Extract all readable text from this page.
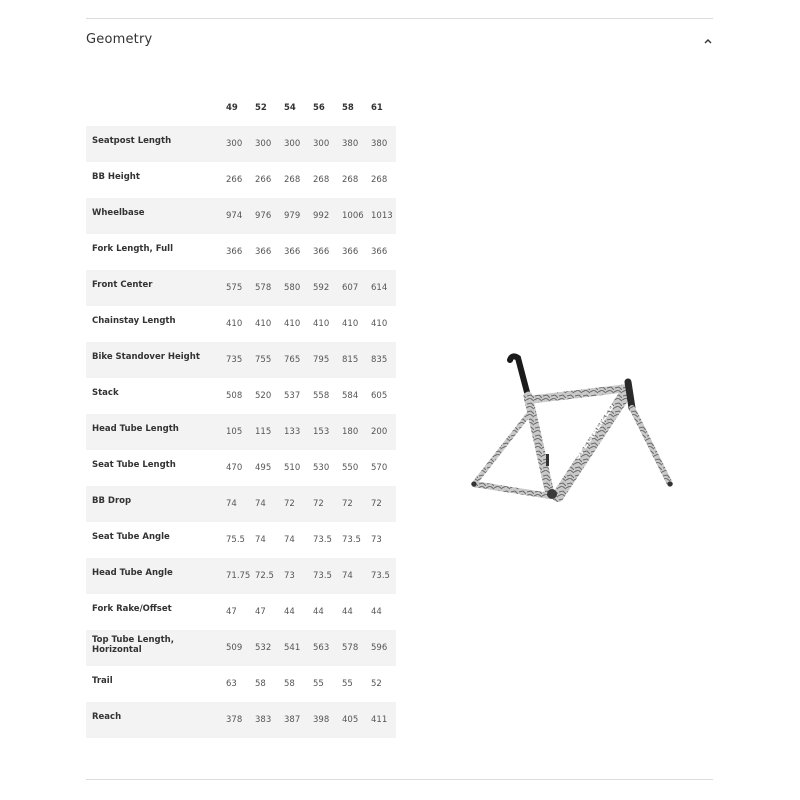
Geometry
	49	52	54	56	58	61
Seatpost Length	300	300	300	300	380	380
BB Height	266	266	268	268	268	268
Wheelbase	974	976	979	992	1006	1013
Fork Length, Full	366	366	366	366	366	366
Front Center	575	578	580	592	607	614
Chainstay Length	410	410	410	410	410	410
Bike Standover Height	735	755	765	795	815	835
Stack	508	520	537	558	584	605
Head Tube Length	105	115	133	153	180	200
Seat Tube Length	470	495	510	530	550	570
BB Drop	74	74	72	72	72	72
Seat Tube Angle	75.5	74	74	73.5	73.5	73
Head Tube Angle	71.75	72.5	73	73.5	74	73.5
Fork Rake/Offset	47	47	44	44	44	44
Top Tube Length, Horizontal	509	532	541	563	578	596
Trail	63	58	58	55	55	52
Reach	378	383	387	398	405	411
SPECIALIZED
